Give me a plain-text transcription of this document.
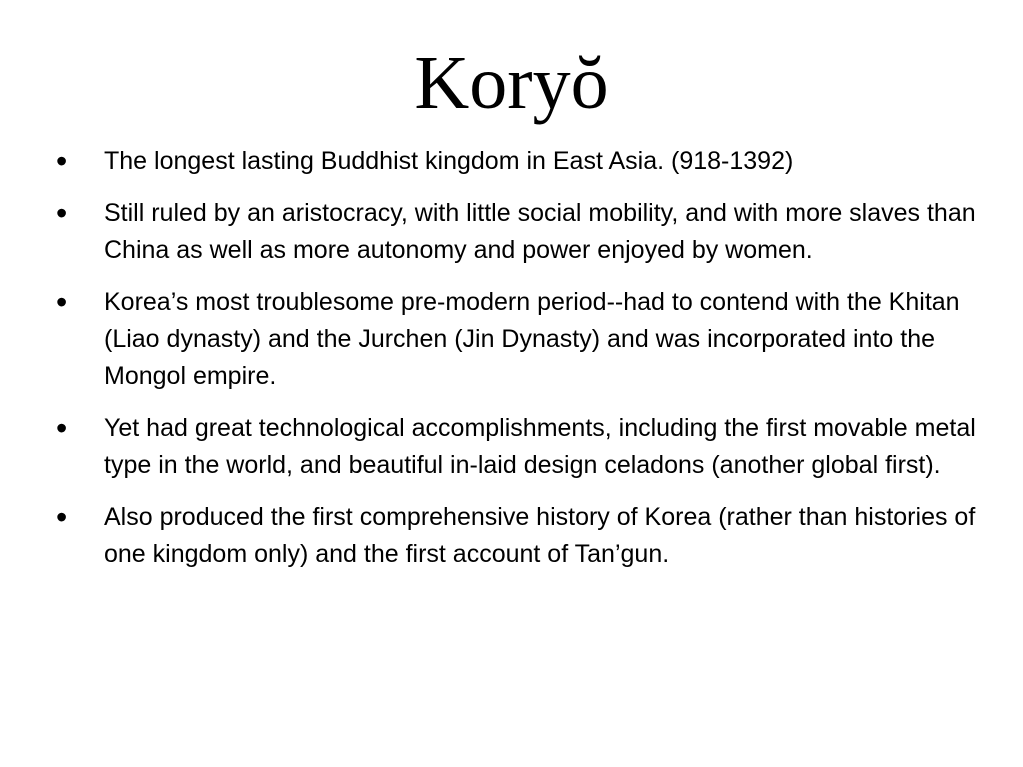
Koryŏ
• The longest lasting Buddhist kingdom in East Asia. (918-1392)
• Still ruled by an aristocracy, with little social mobility, and with more slaves than China as well as more autonomy and power enjoyed by women.
• Korea’s most troublesome pre-modern period--had to contend with the Khitan (Liao dynasty) and the Jurchen (Jin Dynasty) and was incorporated into the Mongol empire.
• Yet had great technological accomplishments, including the first movable metal type in the world, and beautiful in-laid design celadons (another global first).
• Also produced the first comprehensive history of Korea (rather than histories of one kingdom only) and the first account of Tan’gun.
